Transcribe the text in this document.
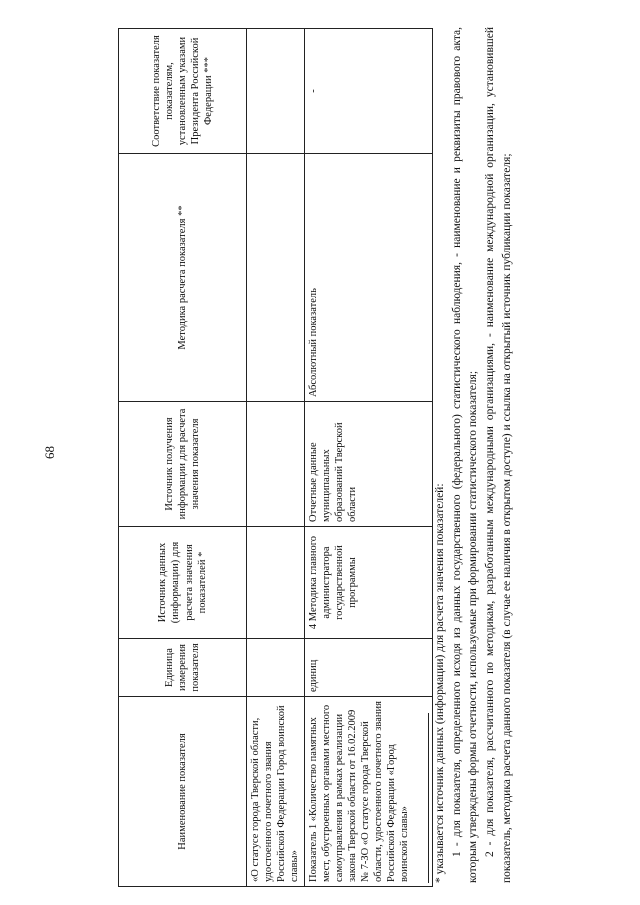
68
Наименование показателя	Единица измерения показателя	Источник данных (информации) для расчета значения показателей *	Источник получения информации для расчета значения показателя	Методика расчета показателя **	Соответствие показателя показателям, установленным указами Президента Российской Федерации ***
«О статусе города Тверской области, удостоенного почетного звания Российской Федерации Город воинской славы»					
Показатель 1 «Количество памятных мест, обустроенных органами местного самоуправления в рамках реализации закона Тверской области от 16.02.2009 № 7-ЗО «О статусе города Тверской области, удостоенного почетного звания Российской Федерации «Город воинской славы»	единиц	4 Методика главного администратора государственной программы	Отчетные данные муниципальных образований Тверской области	Абсолютный показатель	-

* указывается источник данных (информации) для расчета значения показателей: 1 - для показателя, определенного исходя из данных государственного (федерального) статистического наблюдения, - наименование и реквизиты правового акта, которым утверждены формы отчетности, используемые при формировании статистического показателя; 2 - для показателя, рассчитанного по методикам, разработанным международными организациями, - наименование международной организации, установившей показатель, методика расчета данного показателя (в случае ее наличия в открытом доступе) и ссылка на открытый источник публикации показателя;
